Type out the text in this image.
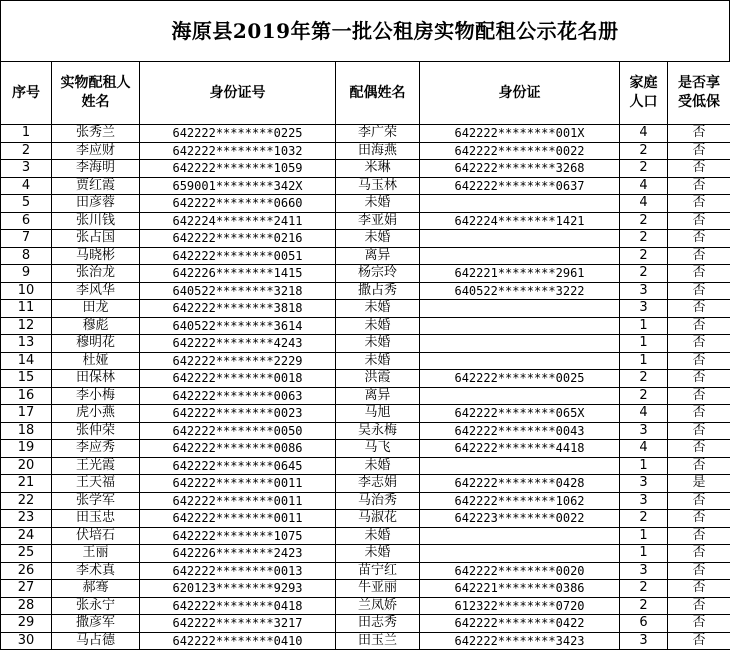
海原县2019年第一批公租房实物配租公示花名册
序号	实物配租人姓名	身份证号	配偶姓名	身份证	家庭人口	是否享受低保
1	张秀兰	642222********0225	李广荣	642222********001X	4	否
2	李应财	642222********1032	田海燕	642222********0022	2	否
3	李海明	642222********1059	米琳	642222********3268	2	否
4	贾红霞	659001********342X	马玉林	642222********0637	4	否
5	田彦蓉	642222********0660	未婚		4	否
6	张川钱	642224********2411	李亚娟	642224********1421	2	否
7	张占国	642222********0216	未婚		2	否
8	马晓彬	642222********0051	离异		2	否
9	张治龙	642226********1415	杨宗玲	642221********2961	2	否
10	李风华	640522********3218	撒占秀	640522********3222	3	否
11	田龙	642222********3818	未婚		3	否
12	穆彪	640522********3614	未婚		1	否
13	穆明花	642222********4243	未婚		1	否
14	杜娅	642222********2229	未婚		1	否
15	田保林	642222********0018	洪霞	642222********0025	2	否
16	李小梅	642222********0063	离异		2	否
17	虎小燕	642222********0023	马旭	642222********065X	4	否
18	张仲荣	642222********0050	吴永梅	642222********0043	3	否
19	李应秀	642222********0086	马飞	642222********4418	4	否
20	王光霞	642222********0645	未婚		1	否
21	王天福	642222********0011	李志娟	642222********0428	3	是
22	张学军	642222********0011	马治秀	642222********1062	3	否
23	田玉忠	642222********0011	马淑花	642223********0022	2	否
24	伏培石	642222********1075	未婚		1	否
25	王丽	642226********2423	未婚		1	否
26	李术真	642222********0013	苗宁红	642222********0020	3	否
27	郝骞	620123********9293	牛亚丽	642221********0386	2	否
28	张永宁	642222********0418	兰凤娇	612322********0720	2	否
29	撒彦军	642222********3217	田志秀	642222********0422	6	否
30	马占德	642222********0410	田玉兰	642222********3423	3	否
